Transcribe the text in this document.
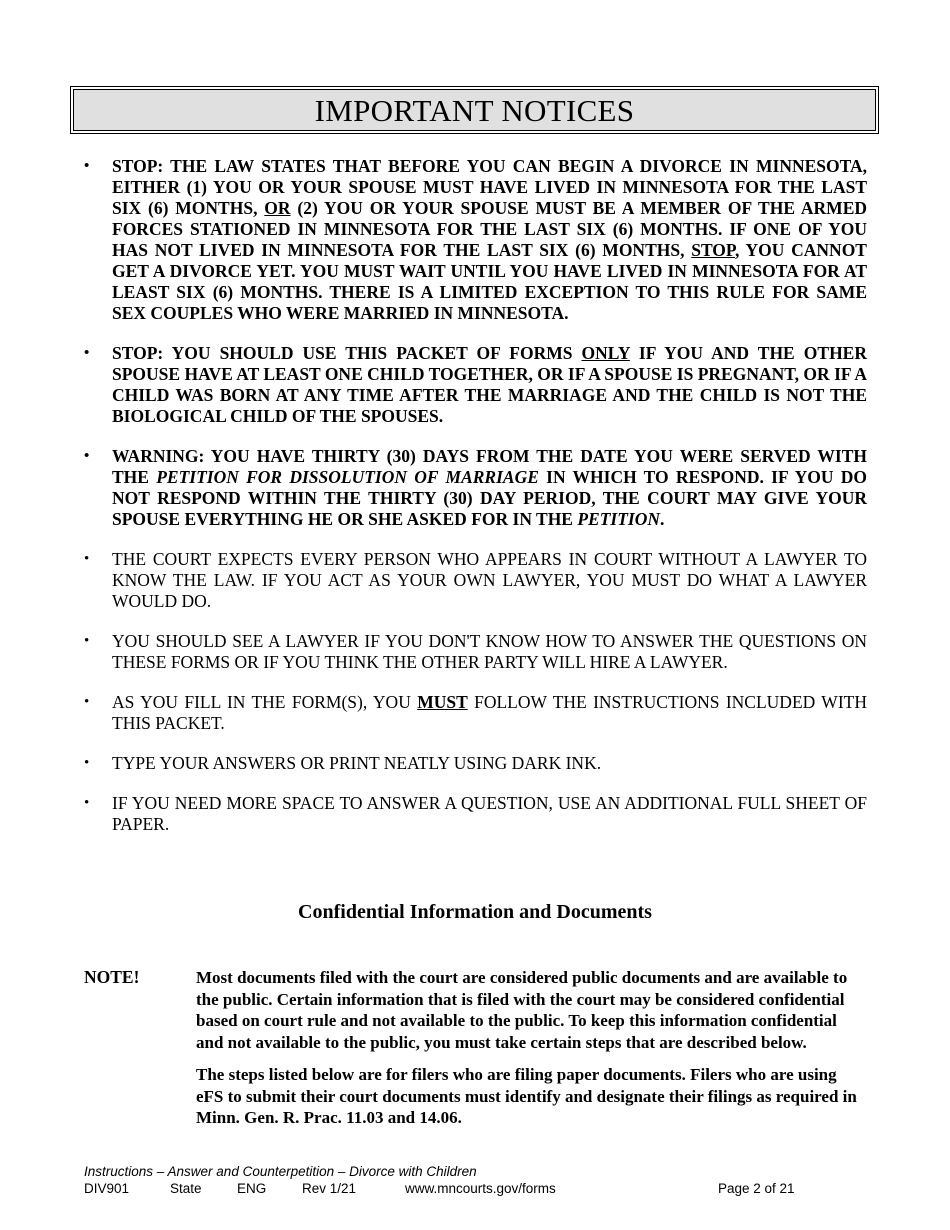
IMPORTANT NOTICES
• STOP: THE LAW STATES THAT BEFORE YOU CAN BEGIN A DIVORCE IN MINNESOTA, EITHER (1) YOU OR YOUR SPOUSE MUST HAVE LIVED IN MINNESOTA FOR THE LAST SIX (6) MONTHS, OR (2) YOU OR YOUR SPOUSE MUST BE A MEMBER OF THE ARMED FORCES STATIONED IN MINNESOTA FOR THE LAST SIX (6) MONTHS. IF ONE OF YOU HAS NOT LIVED IN MINNESOTA FOR THE LAST SIX (6) MONTHS, STOP, YOU CANNOT GET A DIVORCE YET. YOU MUST WAIT UNTIL YOU HAVE LIVED IN MINNESOTA FOR AT LEAST SIX (6) MONTHS. THERE IS A LIMITED EXCEPTION TO THIS RULE FOR SAME SEX COUPLES WHO WERE MARRIED IN MINNESOTA.
• STOP: YOU SHOULD USE THIS PACKET OF FORMS ONLY IF YOU AND THE OTHER SPOUSE HAVE AT LEAST ONE CHILD TOGETHER, OR IF A SPOUSE IS PREGNANT, OR IF A CHILD WAS BORN AT ANY TIME AFTER THE MARRIAGE AND THE CHILD IS NOT THE BIOLOGICAL CHILD OF THE SPOUSES.
• WARNING: YOU HAVE THIRTY (30) DAYS FROM THE DATE YOU WERE SERVED WITH THE PETITION FOR DISSOLUTION OF MARRIAGE IN WHICH TO RESPOND. IF YOU DO NOT RESPOND WITHIN THE THIRTY (30) DAY PERIOD, THE COURT MAY GIVE YOUR SPOUSE EVERYTHING HE OR SHE ASKED FOR IN THE PETITION.
• THE COURT EXPECTS EVERY PERSON WHO APPEARS IN COURT WITHOUT A LAWYER TO KNOW THE LAW. IF YOU ACT AS YOUR OWN LAWYER, YOU MUST DO WHAT A LAWYER WOULD DO.
• YOU SHOULD SEE A LAWYER IF YOU DON'T KNOW HOW TO ANSWER THE QUESTIONS ON THESE FORMS OR IF YOU THINK THE OTHER PARTY WILL HIRE A LAWYER.
• AS YOU FILL IN THE FORM(S), YOU MUST FOLLOW THE INSTRUCTIONS INCLUDED WITH THIS PACKET.
• TYPE YOUR ANSWERS OR PRINT NEATLY USING DARK INK.
• IF YOU NEED MORE SPACE TO ANSWER A QUESTION, USE AN ADDITIONAL FULL SHEET OF PAPER.
Confidential Information and Documents
NOTE!	Most documents filed with the court are considered public documents and are available to the public. Certain information that is filed with the court may be considered confidential based on court rule and not available to the public. To keep this information confidential and not available to the public, you must take certain steps that are described below.

The steps listed below are for filers who are filing paper documents. Filers who are using eFS to submit their court documents must identify and designate their filings as required in Minn. Gen. R. Prac. 11.03 and 14.06.

Instructions – Answer and Counterpetition – Divorce with Children
DIV901	State	ENG	Rev 1/21	www.mncourts.gov/forms	Page 2 of 21
